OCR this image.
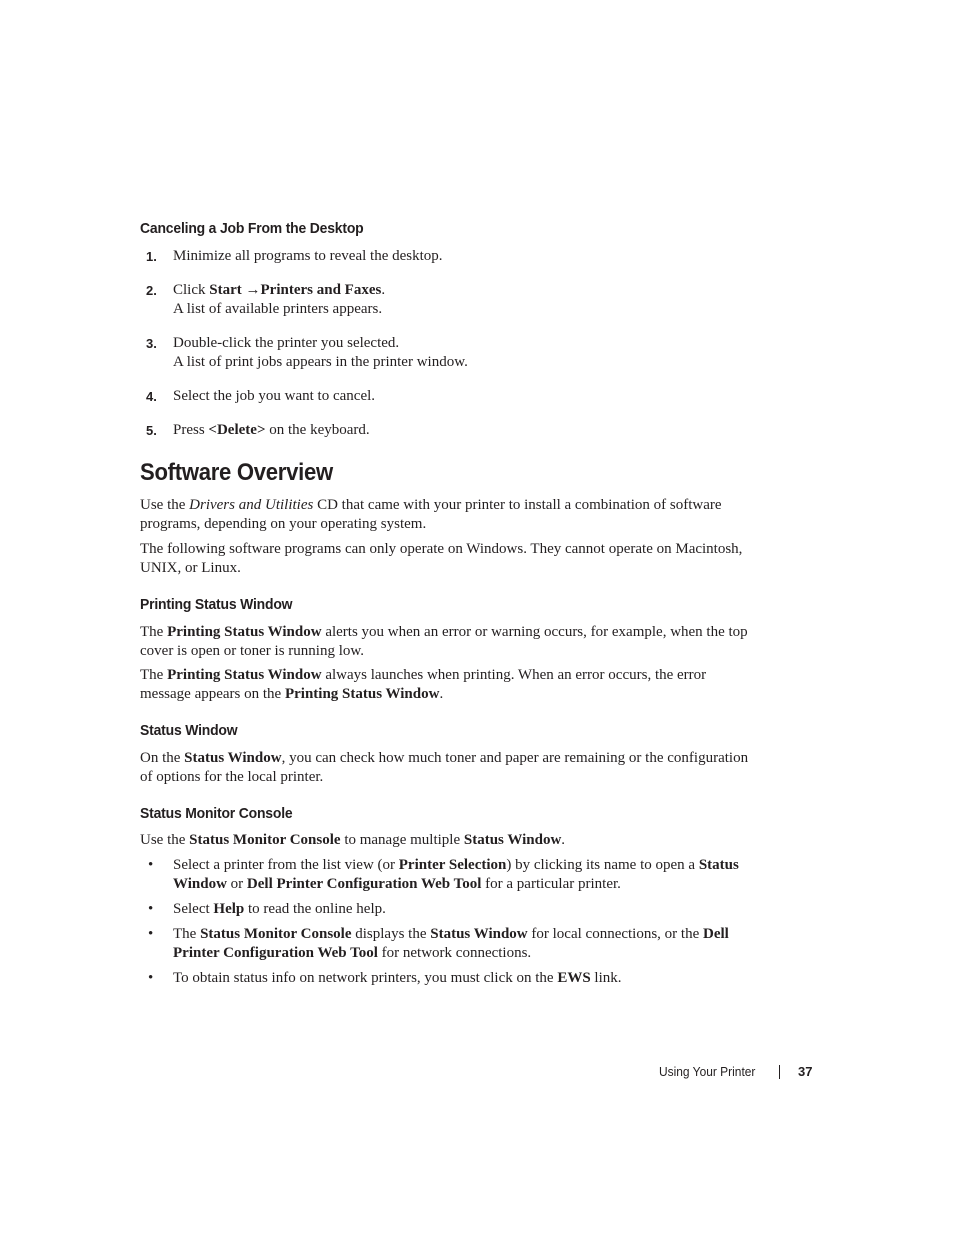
Canceling a Job From the Desktop
1. Minimize all programs to reveal the desktop.
2. Click Start →Printers and Faxes.
A list of available printers appears.
3. Double-click the printer you selected.
A list of print jobs appears in the printer window.
4. Select the job you want to cancel.
5. Press <Delete> on the keyboard.
Software Overview

Use the Drivers and Utilities CD that came with your printer to install a combination of software programs, depending on your operating system.

The following software programs can only operate on Windows. They cannot operate on Macintosh, UNIX, or Linux.

Printing Status Window

The Printing Status Window alerts you when an error or warning occurs, for example, when the top cover is open or toner is running low.

The Printing Status Window always launches when printing. When an error occurs, the error message appears on the Printing Status Window.

Status Window

On the Status Window, you can check how much toner and paper are remaining or the configuration of options for the local printer.

Status Monitor Console

Use the Status Monitor Console to manage multiple Status Window.

• Select a printer from the list view (or Printer Selection) by clicking its name to open a Status Window or Dell Printer Configuration Web Tool for a particular printer.
• Select Help to read the online help.
• The Status Monitor Console displays the Status Window for local connections, or the Dell Printer Configuration Web Tool for network connections.
• To obtain status info on network printers, you must click on the EWS link.
Using Your Printer	37
